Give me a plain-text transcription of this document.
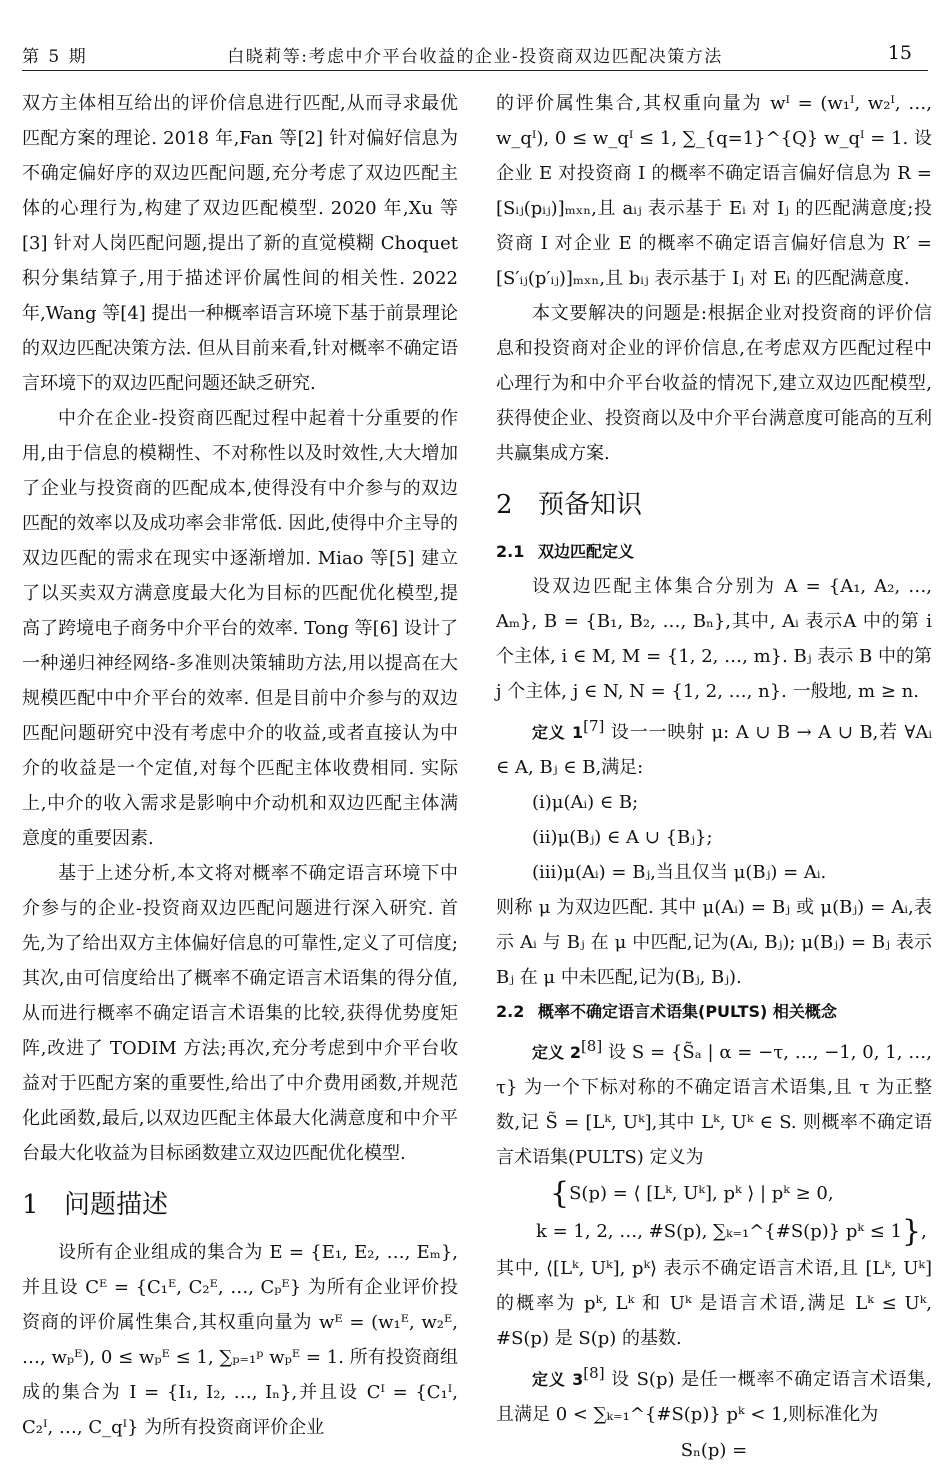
第 5 期	白晓莉等:考虑中介平台收益的企业-投资商双边匹配决策方法	15

双方主体相互给出的评价信息进行匹配,从而寻求最优匹配方案的理论. 2018 年,Fan 等[2] 针对偏好信息为不确定偏好序的双边匹配问题,充分考虑了双边匹配主体的心理行为,构建了双边匹配模型. 2020 年,Xu 等[3] 针对人岗匹配问题,提出了新的直觉模糊 Choquet 积分集结算子,用于描述评价属性间的相关性. 2022 年,Wang 等[4] 提出一种概率语言环境下基于前景理论的双边匹配决策方法. 但从目前来看,针对概率不确定语言环境下的双边匹配问题还缺乏研究.

中介在企业-投资商匹配过程中起着十分重要的作用,由于信息的模糊性、不对称性以及时效性,大大增加了企业与投资商的匹配成本,使得没有中介参与的双边匹配的效率以及成功率会非常低. 因此,使得中介主导的双边匹配的需求在现实中逐渐增加. Miao 等[5] 建立了以买卖双方满意度最大化为目标的匹配优化模型,提高了跨境电子商务中介平台的效率. Tong 等[6] 设计了一种递归神经网络-多准则决策辅助方法,用以提高在大规模匹配中中介平台的效率. 但是目前中介参与的双边匹配问题研究中没有考虑中介的收益,或者直接认为中介的收益是一个定值,对每个匹配主体收费相同. 实际上,中介的收入需求是影响中介动机和双边匹配主体满意度的重要因素.

基于上述分析,本文将对概率不确定语言环境下中介参与的企业-投资商双边匹配问题进行深入研究. 首先,为了给出双方主体偏好信息的可靠性,定义了可信度;其次,由可信度给出了概率不确定语言术语集的得分值,从而进行概率不确定语言术语集的比较,获得优势度矩阵,改进了 TODIM 方法;再次,充分考虑到中介平台收益对于匹配方案的重要性,给出了中介费用函数,并规范化此函数,最后,以双边匹配主体最大化满意度和中介平台最大化收益为目标函数建立双边匹配优化模型.

1 问题描述

设所有企业组成的集合为 E = {E₁, E₂, …, Eₘ},并且设 Cᴱ = {C₁ᴱ, C₂ᴱ, …, Cₚᴱ} 为所有企业评价投资商的评价属性集合,其权重向量为 wᴱ = (w₁ᴱ, w₂ᴱ, …, wₚᴱ), 0 ≤ wₚᴱ ≤ 1, ∑ₚ₌₁ᵖ wₚᴱ = 1. 所有投资商组成的集合为 I = {I₁, I₂, …, Iₙ},并且设 Cᴵ = {C₁ᴵ, C₂ᴵ, …, C_qᴵ} 为所有投资商评价企业

的评价属性集合,其权重向量为 wᴵ = (w₁ᴵ, w₂ᴵ, …, w_qᴵ), 0 ≤ w_qᴵ ≤ 1, ∑_{q=1}^{Q} w_qᴵ = 1. 设企业 E 对投资商 I 的概率不确定语言偏好信息为 R = [Sᵢⱼ(pᵢⱼ)]ₘₓₙ,且 aᵢⱼ 表示基于 Eᵢ 对 Iⱼ 的匹配满意度;投资商 I 对企业 E 的概率不确定语言偏好信息为 R′ = [S′ᵢⱼ(p′ᵢⱼ)]ₘₓₙ,且 bᵢⱼ 表示基于 Iⱼ 对 Eᵢ 的匹配满意度.

本文要解决的问题是:根据企业对投资商的评价信息和投资商对企业的评价信息,在考虑双方匹配过程中心理行为和中介平台收益的情况下,建立双边匹配模型,获得使企业、投资商以及中介平台满意度可能高的互利共赢集成方案.

2 预备知识
2.1 双边匹配定义

设双边匹配主体集合分别为 A = {A₁, A₂, …, Aₘ}, B = {B₁, B₂, …, Bₙ},其中, Aᵢ 表示A 中的第 i 个主体, i ∈ M, M = {1, 2, …, m}. Bⱼ 表示 B 中的第j 个主体, j ∈ N, N = {1, 2, …, n}. 一般地, m ≥ n.

定义 1[7] 设一一映射 μ: A ∪ B → A ∪ B,若 ∀Aᵢ ∈ A, Bⱼ ∈ B,满足:

(i)μ(Aᵢ) ∈ B;

(ii)μ(Bⱼ) ∈ A ∪ {Bⱼ};

(iii)μ(Aᵢ) = Bⱼ,当且仅当 μ(Bⱼ) = Aᵢ.

则称 μ 为双边匹配. 其中 μ(Aᵢ) = Bⱼ 或 μ(Bⱼ) = Aᵢ,表示 Aᵢ 与 Bⱼ 在 μ 中匹配,记为(Aᵢ, Bⱼ); μ(Bⱼ) = Bⱼ 表示 Bⱼ 在 μ 中未匹配,记为(Bⱼ, Bⱼ).

2.2 概率不确定语言术语集(PULTS) 相关概念

定义 2[8] 设 S = {S̃ₐ | α = −τ, …, −1, 0, 1, …, τ} 为一个下标对称的不确定语言术语集,且 τ 为正整数,记 S̃ = [Lᵏ, Uᵏ],其中 Lᵏ, Uᵏ ∈ S. 则概率不确定语言术语集(PULTS) 定义为

{S(p) = ⟨ [Lᵏ, Uᵏ], pᵏ ⟩ | pᵏ ≥ 0,

k = 1, 2, …, #S(p), ∑ₖ₌₁^{#S(p)} pᵏ ≤ 1},

其中, ⟨[Lᵏ, Uᵏ], pᵏ⟩ 表示不确定语言术语,且 [Lᵏ, Uᵏ] 的概率为 pᵏ, Lᵏ 和 Uᵏ 是语言术语,满足 Lᵏ ≤ Uᵏ, #S(p) 是 S(p) 的基数.

定义 3[8] 设 S(p) 是任一概率不确定语言术语集,且满足 0 < ∑ₖ₌₁^{#S(p)} pᵏ < 1,则标准化为

Sₙ(p) =
